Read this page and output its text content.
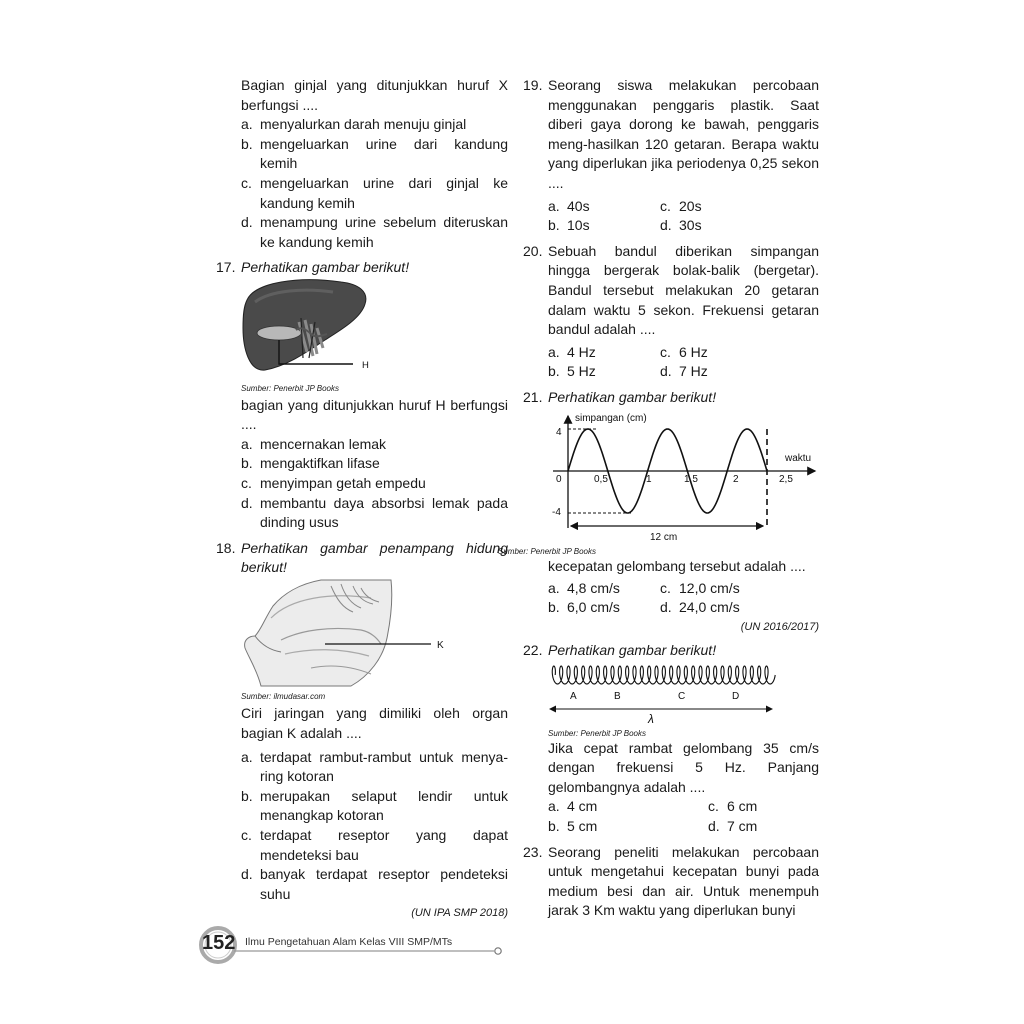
Bagian ginjal yang ditunjukkan huruf X berfungsi ....

a. menyalurkan darah menuju ginjal
b. mengeluarkan urine dari kandung kemih
c. mengeluarkan urine dari ginjal ke kandung kemih
d. menampung urine sebelum diteruskan ke kandung kemih
17. Perhatikan gambar berikut!
H
Sumber: Penerbit JP Books

bagian yang ditunjukkan huruf H berfungsi ....

a. mencernakan lemak
b. mengaktifkan lifase
c. menyimpan getah empedu
d. membantu daya absorbsi lemak pada dinding usus
18. Perhatikan gambar penampang hidung berikut!
K
Sumber: ilmudasar.com

Ciri jaringan yang dimiliki oleh organ bagian K adalah ....

a. terdapat rambut-rambut untuk menya-ring kotoran
b. merupakan selaput lendir untuk menangkap kotoran
c. terdapat reseptor yang dapat mendeteksi bau
d. banyak terdapat reseptor pendeteksi suhu
(UN IPA SMP 2018)
19. Seorang siswa melakukan percobaan menggunakan penggaris plastik. Saat diberi gaya dorong ke bawah, penggaris meng-hasilkan 120 getaran. Berapa waktu yang diperlukan jika periodenya 0,25 sekon ....
a. 40s	c. 20s
b. 10s	d. 30s
20. Sebuah bandul diberikan simpangan hingga bergerak bolak-balik (bergetar). Bandul tersebut melakukan 20 getaran dalam waktu 5 sekon. Frekuensi getaran bandul adalah ....
a. 4 Hz	c. 6 Hz
b. 5 Hz	d. 7 Hz
21. Perhatikan gambar berikut!
simpangan (cm)
waktu
4
0
-4
0,5	1	1,5	2	2,5
12 cm
Sumber: Penerbit JP Books

kecepatan gelombang tersebut adalah ....

a. 4,8 cm/s	c. 12,0 cm/s
b. 6,0 cm/s	d. 24,0 cm/s
(UN 2016/2017)
22. Perhatikan gambar berikut!
A	B	C	D
λ
Sumber: Penerbit JP Books

Jika cepat rambat gelombang 35 cm/s dengan frekuensi 5 Hz. Panjang gelombangnya adalah ....

a. 4 cm	c. 6 cm
b. 5 cm	d. 7 cm
23. Seorang peneliti melakukan percobaan untuk mengetahui kecepatan bunyi pada medium besi dan air. Untuk menempuh jarak 3 Km waktu yang diperlukan bunyi
152 Ilmu Pengetahuan Alam Kelas VIII SMP/MTs
